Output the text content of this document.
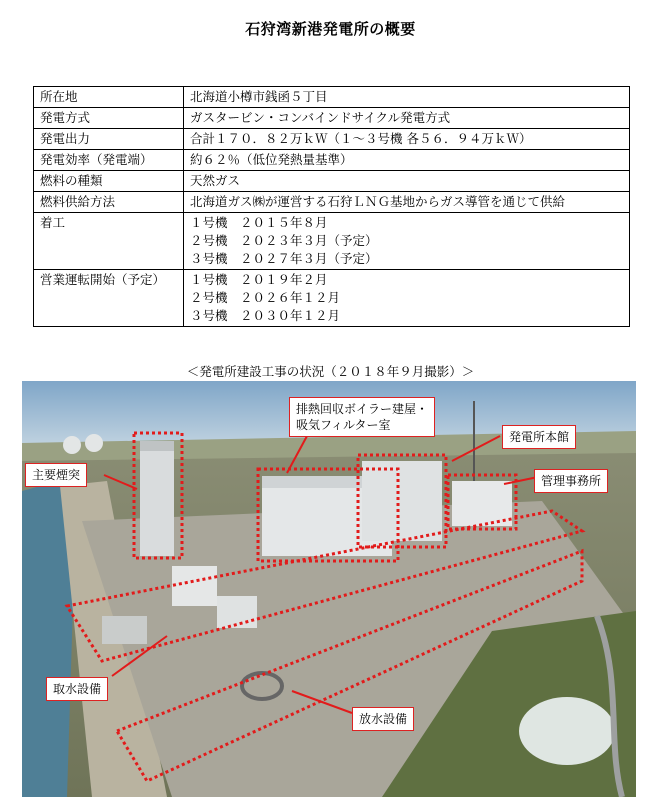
石狩湾新港発電所の概要
所在地	北海道小樽市銭函５丁目
発電方式	ガスタービン・コンバインドサイクル発電方式
発電出力	合計１７０．８２万ｋＷ（１～３号機 各５６．９４万ｋＷ）
発電効率（発電端）	約６２％（低位発熱量基準）
燃料の種類	天然ガス
燃料供給方法	北海道ガス㈱が運営する石狩ＬＮＧ基地からガス導管を通じて供給
着工	１号機　２０１５年８月
２号機　２０２３年３月（予定）
３号機　２０２７年３月（予定）

営業運転開始（予定）	１号機　２０１９年２月
２号機　２０２６年１２月
３号機　２０３０年１２月
＜発電所建設工事の状況（２０１８年９月撮影）＞
主要煙突
排熱回収ボイラー建屋・
吸気フィルター室
発電所本館
管理事務所
取水設備
放水設備
